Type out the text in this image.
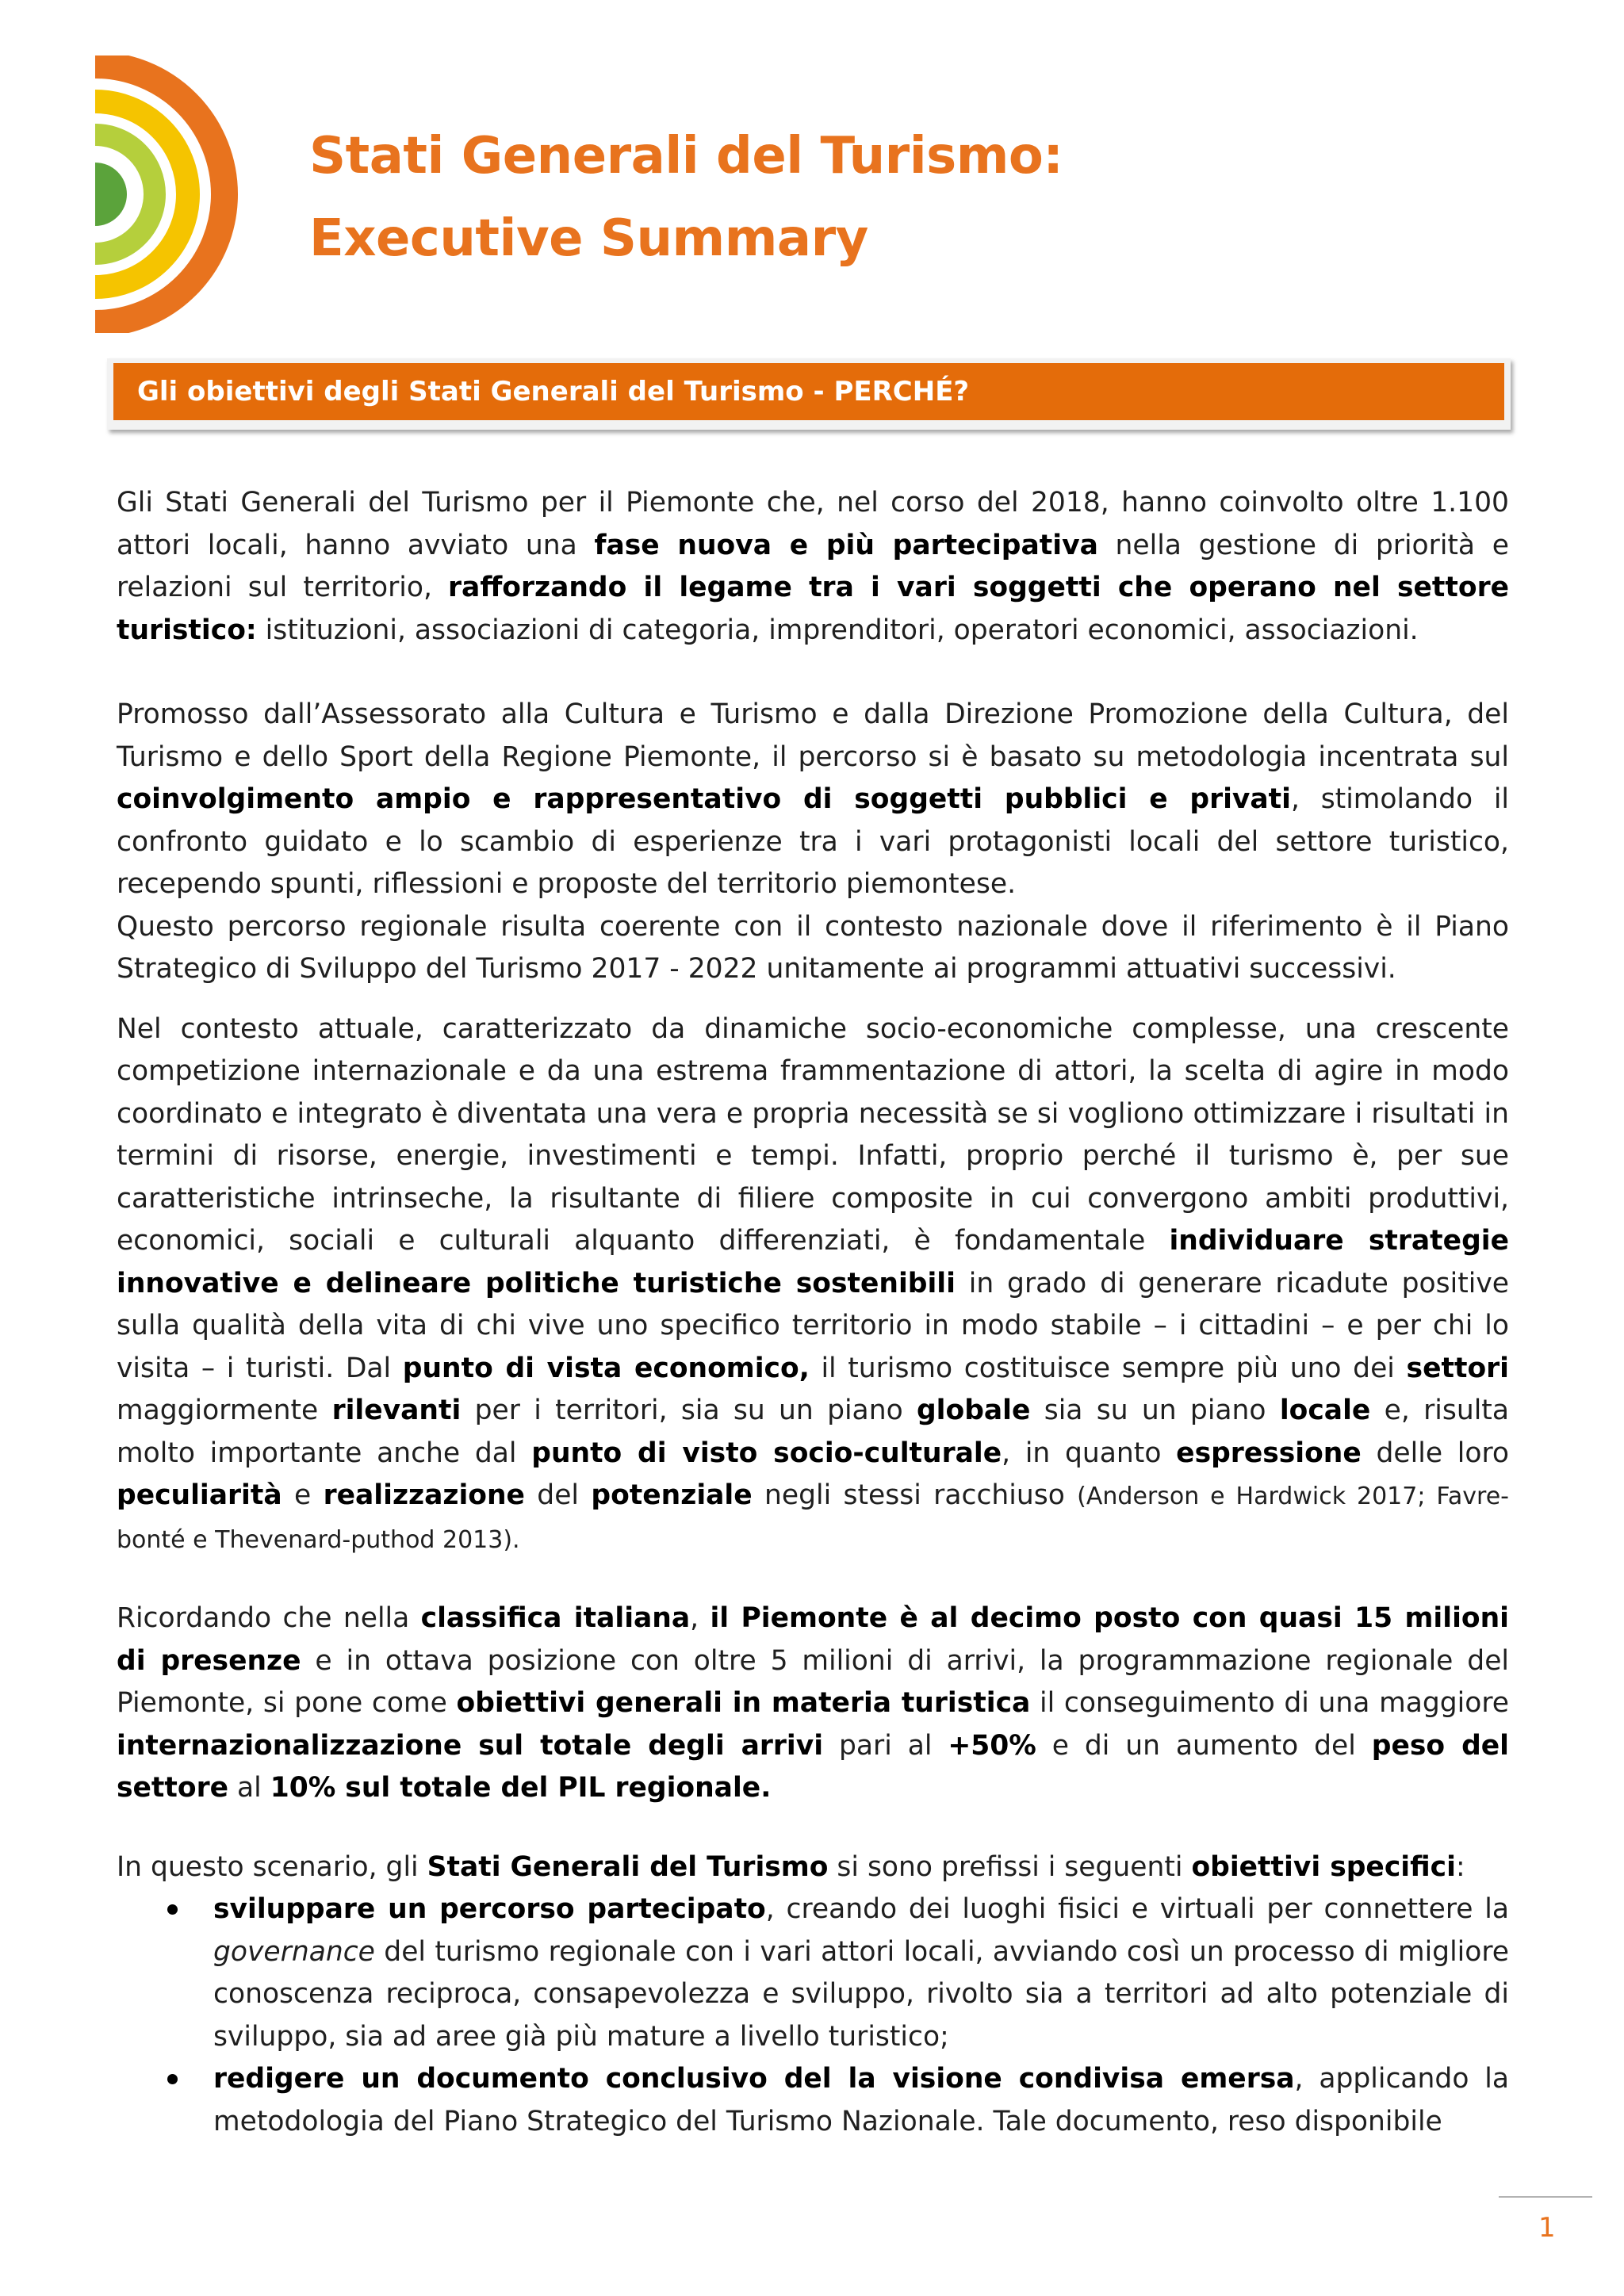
Stati Generali del Turismo:
Executive Summary
Gli obiettivi degli Stati Generali del Turismo - PERCHÉ?

Gli Stati Generali del Turismo per il Piemonte che, nel corso del 2018, hanno coinvolto oltre 1.100 attori locali, hanno avviato una fase nuova e più partecipativa nella gestione di priorità e relazioni sul territorio, rafforzando il legame tra i vari soggetti che operano nel settore turistico: istituzioni, associazioni di categoria, imprenditori, operatori economici, associazioni.

Promosso dall’Assessorato alla Cultura e Turismo e dalla Direzione Promozione della Cultura, del Turismo e dello Sport della Regione Piemonte, il percorso si è basato su metodologia incentrata sul coinvolgimento ampio e rappresentativo di soggetti pubblici e privati, stimolando il confronto guidato e lo scambio di esperienze tra i vari protagonisti locali del settore turistico, recependo spunti, riflessioni e proposte del territorio piemontese.

Questo percorso regionale risulta coerente con il contesto nazionale dove il riferimento è il Piano Strategico di Sviluppo del Turismo 2017 - 2022 unitamente ai programmi attuativi successivi.

Nel contesto attuale, caratterizzato da dinamiche socio-economiche complesse, una crescente competizione internazionale e da una estrema frammentazione di attori, la scelta di agire in modo coordinato e integrato è diventata una vera e propria necessità se si vogliono ottimizzare i risultati in termini di risorse, energie, investimenti e tempi. Infatti, proprio perché il turismo è, per sue caratteristiche intrinseche, la risultante di filiere composite in cui convergono ambiti produttivi, economici, sociali e culturali alquanto differenziati, è fondamentale individuare strategie innovative e delineare politiche turistiche sostenibili in grado di generare ricadute positive sulla qualità della vita di chi vive uno specifico territorio in modo stabile – i cittadini – e per chi lo visita – i turisti. Dal punto di vista economico, il turismo costituisce sempre più uno dei settori maggiormente rilevanti per i territori, sia su un piano globale sia su un piano locale e, risulta molto importante anche dal punto di visto socio-culturale, in quanto espressione delle loro peculiarità e realizzazione del potenziale negli stessi racchiuso (Anderson e Hardwick 2017; Favre-bonté e Thevenard-puthod 2013).

Ricordando che nella classifica italiana, il Piemonte è al decimo posto con quasi 15 milioni di presenze e in ottava posizione con oltre 5 milioni di arrivi, la programmazione regionale del Piemonte, si pone come obiettivi generali in materia turistica il conseguimento di una maggiore internazionalizzazione sul totale degli arrivi pari al +50% e di un aumento del peso del settore al 10% sul totale del PIL regionale.

In questo scenario, gli Stati Generali del Turismo si sono prefissi i seguenti obiettivi specifici:

sviluppare un percorso partecipato, creando dei luoghi fisici e virtuali per connettere la governance del turismo regionale con i vari attori locali, avviando così un processo di migliore conoscenza reciproca, consapevolezza e sviluppo, rivolto sia a territori ad alto potenziale di sviluppo, sia ad aree già più mature a livello turistico;
redigere un documento conclusivo del la visione condivisa emersa, applicando la metodologia del Piano Strategico del Turismo Nazionale. Tale documento, reso disponibile
1
